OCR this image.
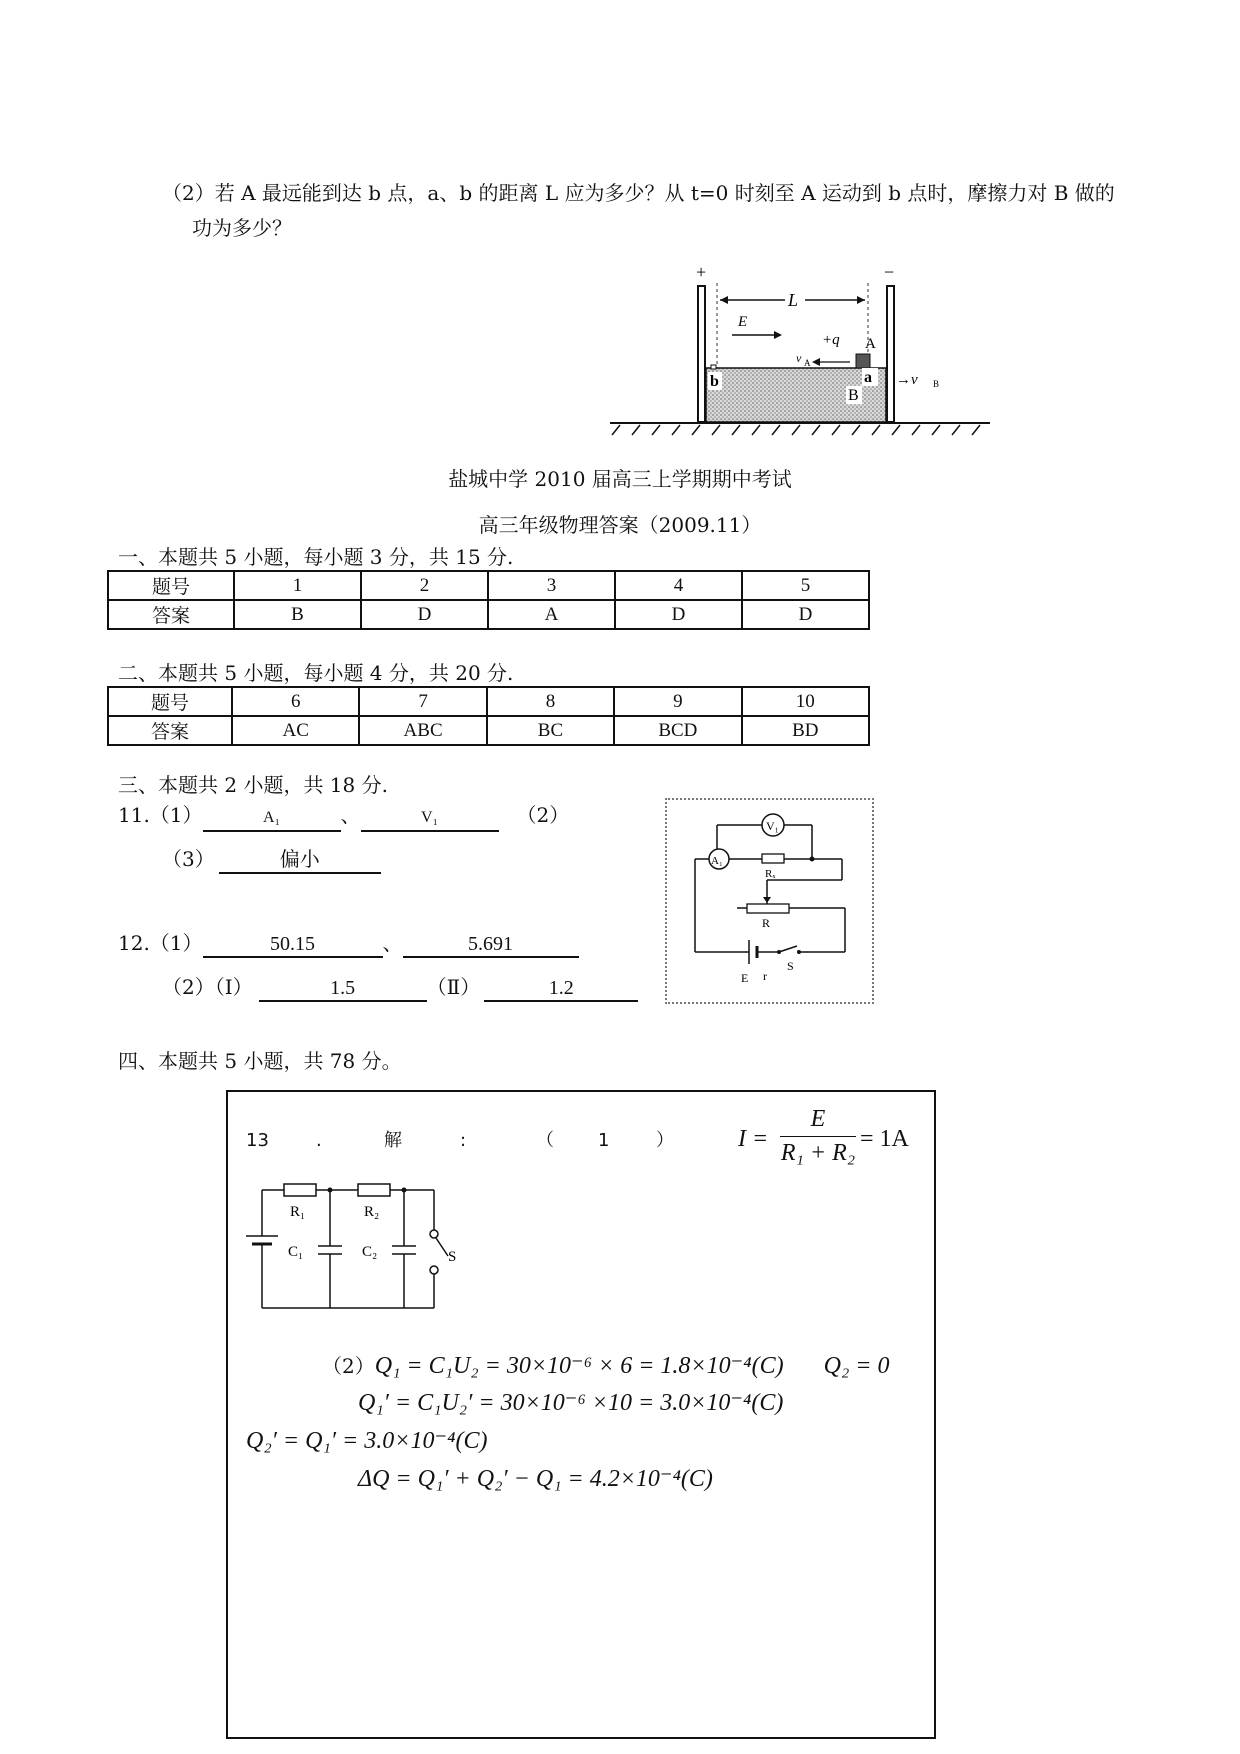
（2）若 A 最远能到达 b 点，a、b 的距离 L 应为多少？从 t=0 时刻至 A 运动到 b 点时，摩擦力对 B 做的
功为多少？
+	−
L
E
+q A
v A
a
b
B
→v B
盐城中学 2010 届高三上学期期中考试
高三年级物理答案（2009.11）
一、本题共 5 小题，每小题 3 分，共 15 分.
题号	1	2	3	4	5
答案	B	D	A	D	D
二、本题共 5 小题，每小题 4 分，共 20 分.
题号	6	7	8	9	10
答案	AC	ABC	BC	BCD	BD
三、本题共 2 小题，共 18 分.
11.（1）	A₁	、	V₁	（2）
（3）	偏小
12.（1）	50.15	、	5.691
（2）（Ⅰ）	1.5	（Ⅱ）	1.2
V₁
A₁
Rₓ
R
E r
S
四、本题共 5 小题，共 78 分。
13	.	解	:	（ 1	）	I =
E
R₁ + R₂
= 1A
R₁	R₂
C₁	C₂	S
（2）Q₁ = C₁U₂ = 30×10⁻⁶ × 6 = 1.8×10⁻⁴(C) Q₂ = 0
Q₁′ = C₁U₂′ = 30×10⁻⁶ ×10 = 3.0×10⁻⁴(C)
Q₂′ = Q₁′ = 3.0×10⁻⁴(C)
ΔQ = Q₁′ + Q₂′ − Q₁ = 4.2×10⁻⁴(C)
